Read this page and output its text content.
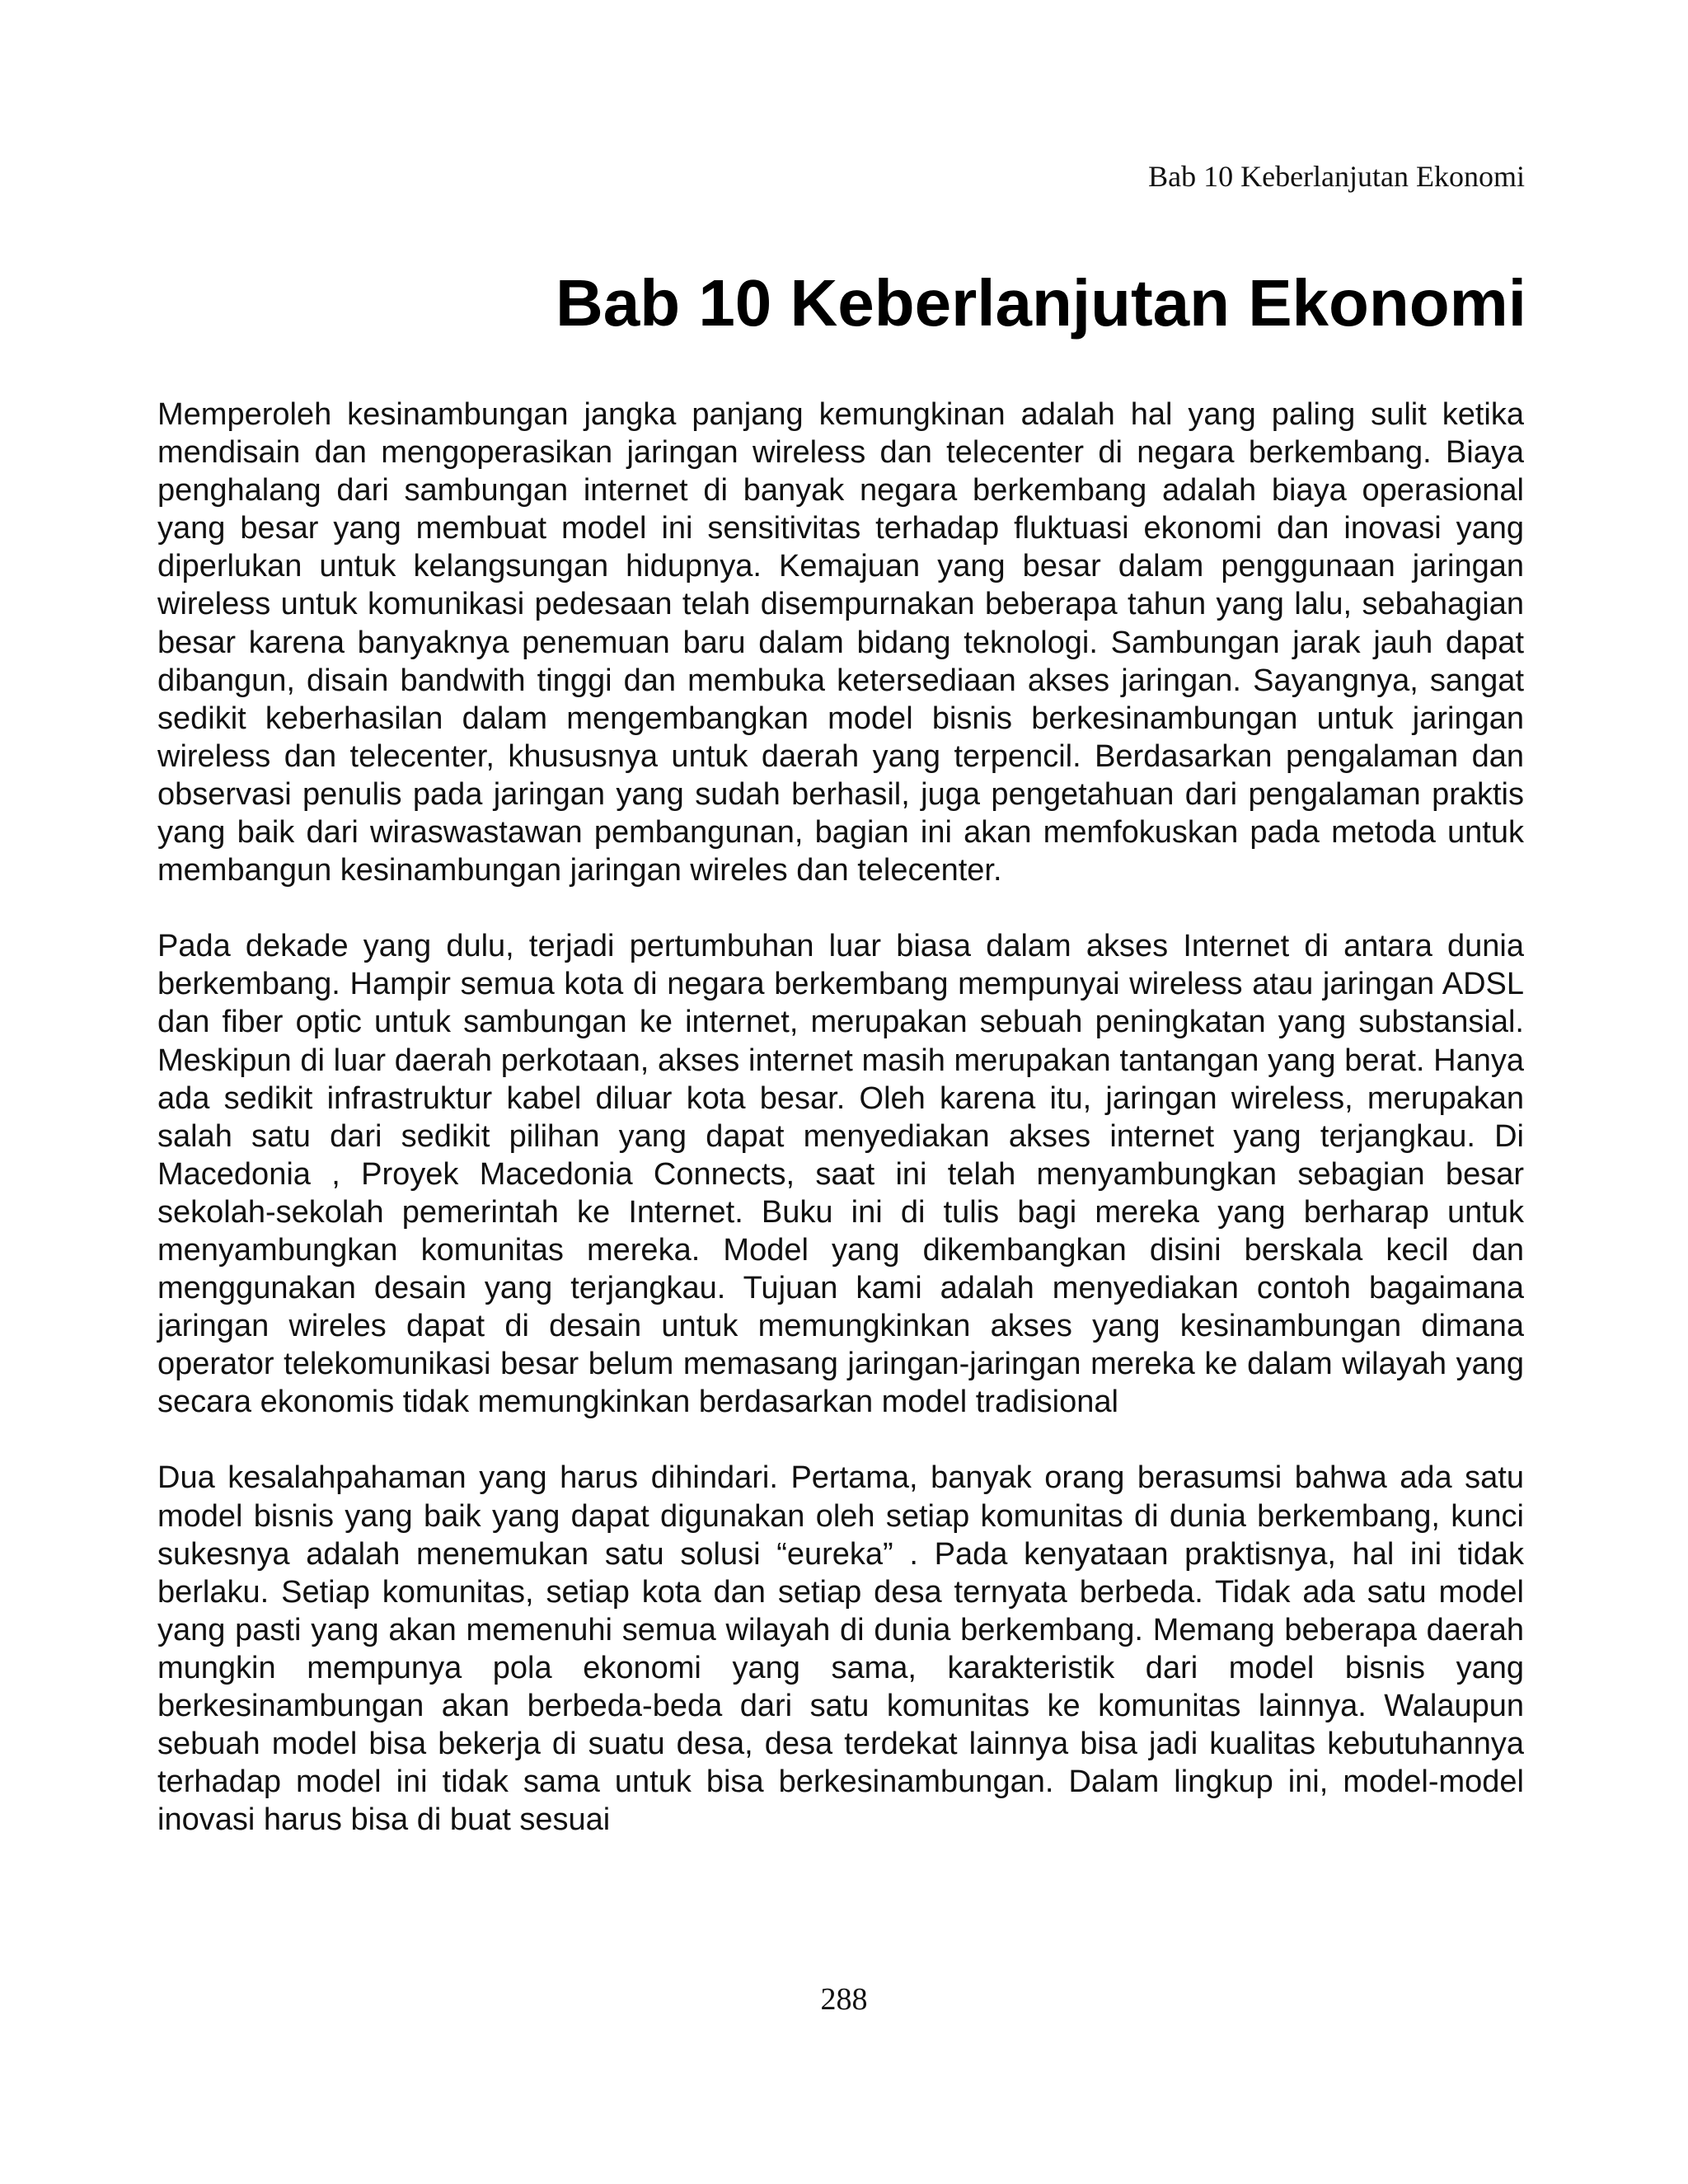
Bab 10 Keberlanjutan Ekonomi
Bab 10 Keberlanjutan Ekonomi

Memperoleh kesinambungan jangka panjang kemungkinan adalah hal yang paling sulit ketika mendisain dan mengoperasikan jaringan wireless dan telecenter di negara berkembang. Biaya penghalang dari sambungan internet di banyak negara berkembang adalah biaya operasional yang besar yang membuat model ini sensitivitas terhadap fluktuasi ekonomi dan inovasi yang diperlukan untuk kelangsungan hidupnya. Kemajuan yang besar dalam penggunaan jaringan wireless untuk komunikasi pedesaan telah disempurnakan beberapa tahun yang lalu, sebahagian besar karena banyaknya penemuan baru dalam bidang teknologi. Sambungan jarak jauh dapat dibangun, disain bandwith tinggi dan membuka ketersediaan akses jaringan. Sayangnya, sangat sedikit keberhasilan dalam mengembangkan model bisnis berkesinambungan untuk jaringan wireless dan telecenter, khususnya untuk daerah yang terpencil. Berdasarkan pengalaman dan observasi penulis pada jaringan yang sudah berhasil, juga pengetahuan dari pengalaman praktis yang baik dari wiraswastawan pembangunan, bagian ini akan memfokuskan pada metoda untuk membangun kesinambungan jaringan wireles dan telecenter.

Pada dekade yang dulu, terjadi pertumbuhan luar biasa dalam akses Internet di antara dunia berkembang. Hampir semua kota di negara berkembang mempunyai wireless atau jaringan ADSL dan fiber optic untuk sambungan ke internet, merupakan sebuah peningkatan yang substansial. Meskipun di luar daerah perkotaan, akses internet masih merupakan tantangan yang berat. Hanya ada sedikit infrastruktur kabel diluar kota besar. Oleh karena itu, jaringan wireless, merupakan salah satu dari sedikit pilihan yang dapat menyediakan akses internet yang terjangkau. Di Macedonia , Proyek Macedonia Connects, saat ini telah menyambungkan sebagian besar sekolah-sekolah pemerintah ke Internet. Buku ini di tulis bagi mereka yang berharap untuk menyambungkan komunitas mereka. Model yang dikembangkan disini berskala kecil dan menggunakan desain yang terjangkau. Tujuan kami adalah menyediakan contoh bagaimana jaringan wireles dapat di desain untuk memungkinkan akses yang kesinambungan dimana operator telekomunikasi besar belum memasang jaringan-jaringan mereka ke dalam wilayah yang secara ekonomis tidak memungkinkan berdasarkan model tradisional

Dua kesalahpahaman yang harus dihindari. Pertama, banyak orang berasumsi bahwa ada satu model bisnis yang baik yang dapat digunakan oleh setiap komunitas di dunia berkembang, kunci sukesnya adalah menemukan satu solusi “eureka” . Pada kenyataan praktisnya, hal ini tidak berlaku. Setiap komunitas, setiap kota dan setiap desa ternyata berbeda. Tidak ada satu model yang pasti yang akan memenuhi semua wilayah di dunia berkembang. Memang beberapa daerah mungkin mempunya pola ekonomi yang sama, karakteristik dari model bisnis yang berkesinambungan akan berbeda-beda dari satu komunitas ke komunitas lainnya. Walaupun sebuah model bisa bekerja di suatu desa, desa terdekat lainnya bisa jadi kualitas kebutuhannya terhadap model ini tidak sama untuk bisa berkesinambungan. Dalam lingkup ini, model-model inovasi harus bisa di buat sesuai

288
